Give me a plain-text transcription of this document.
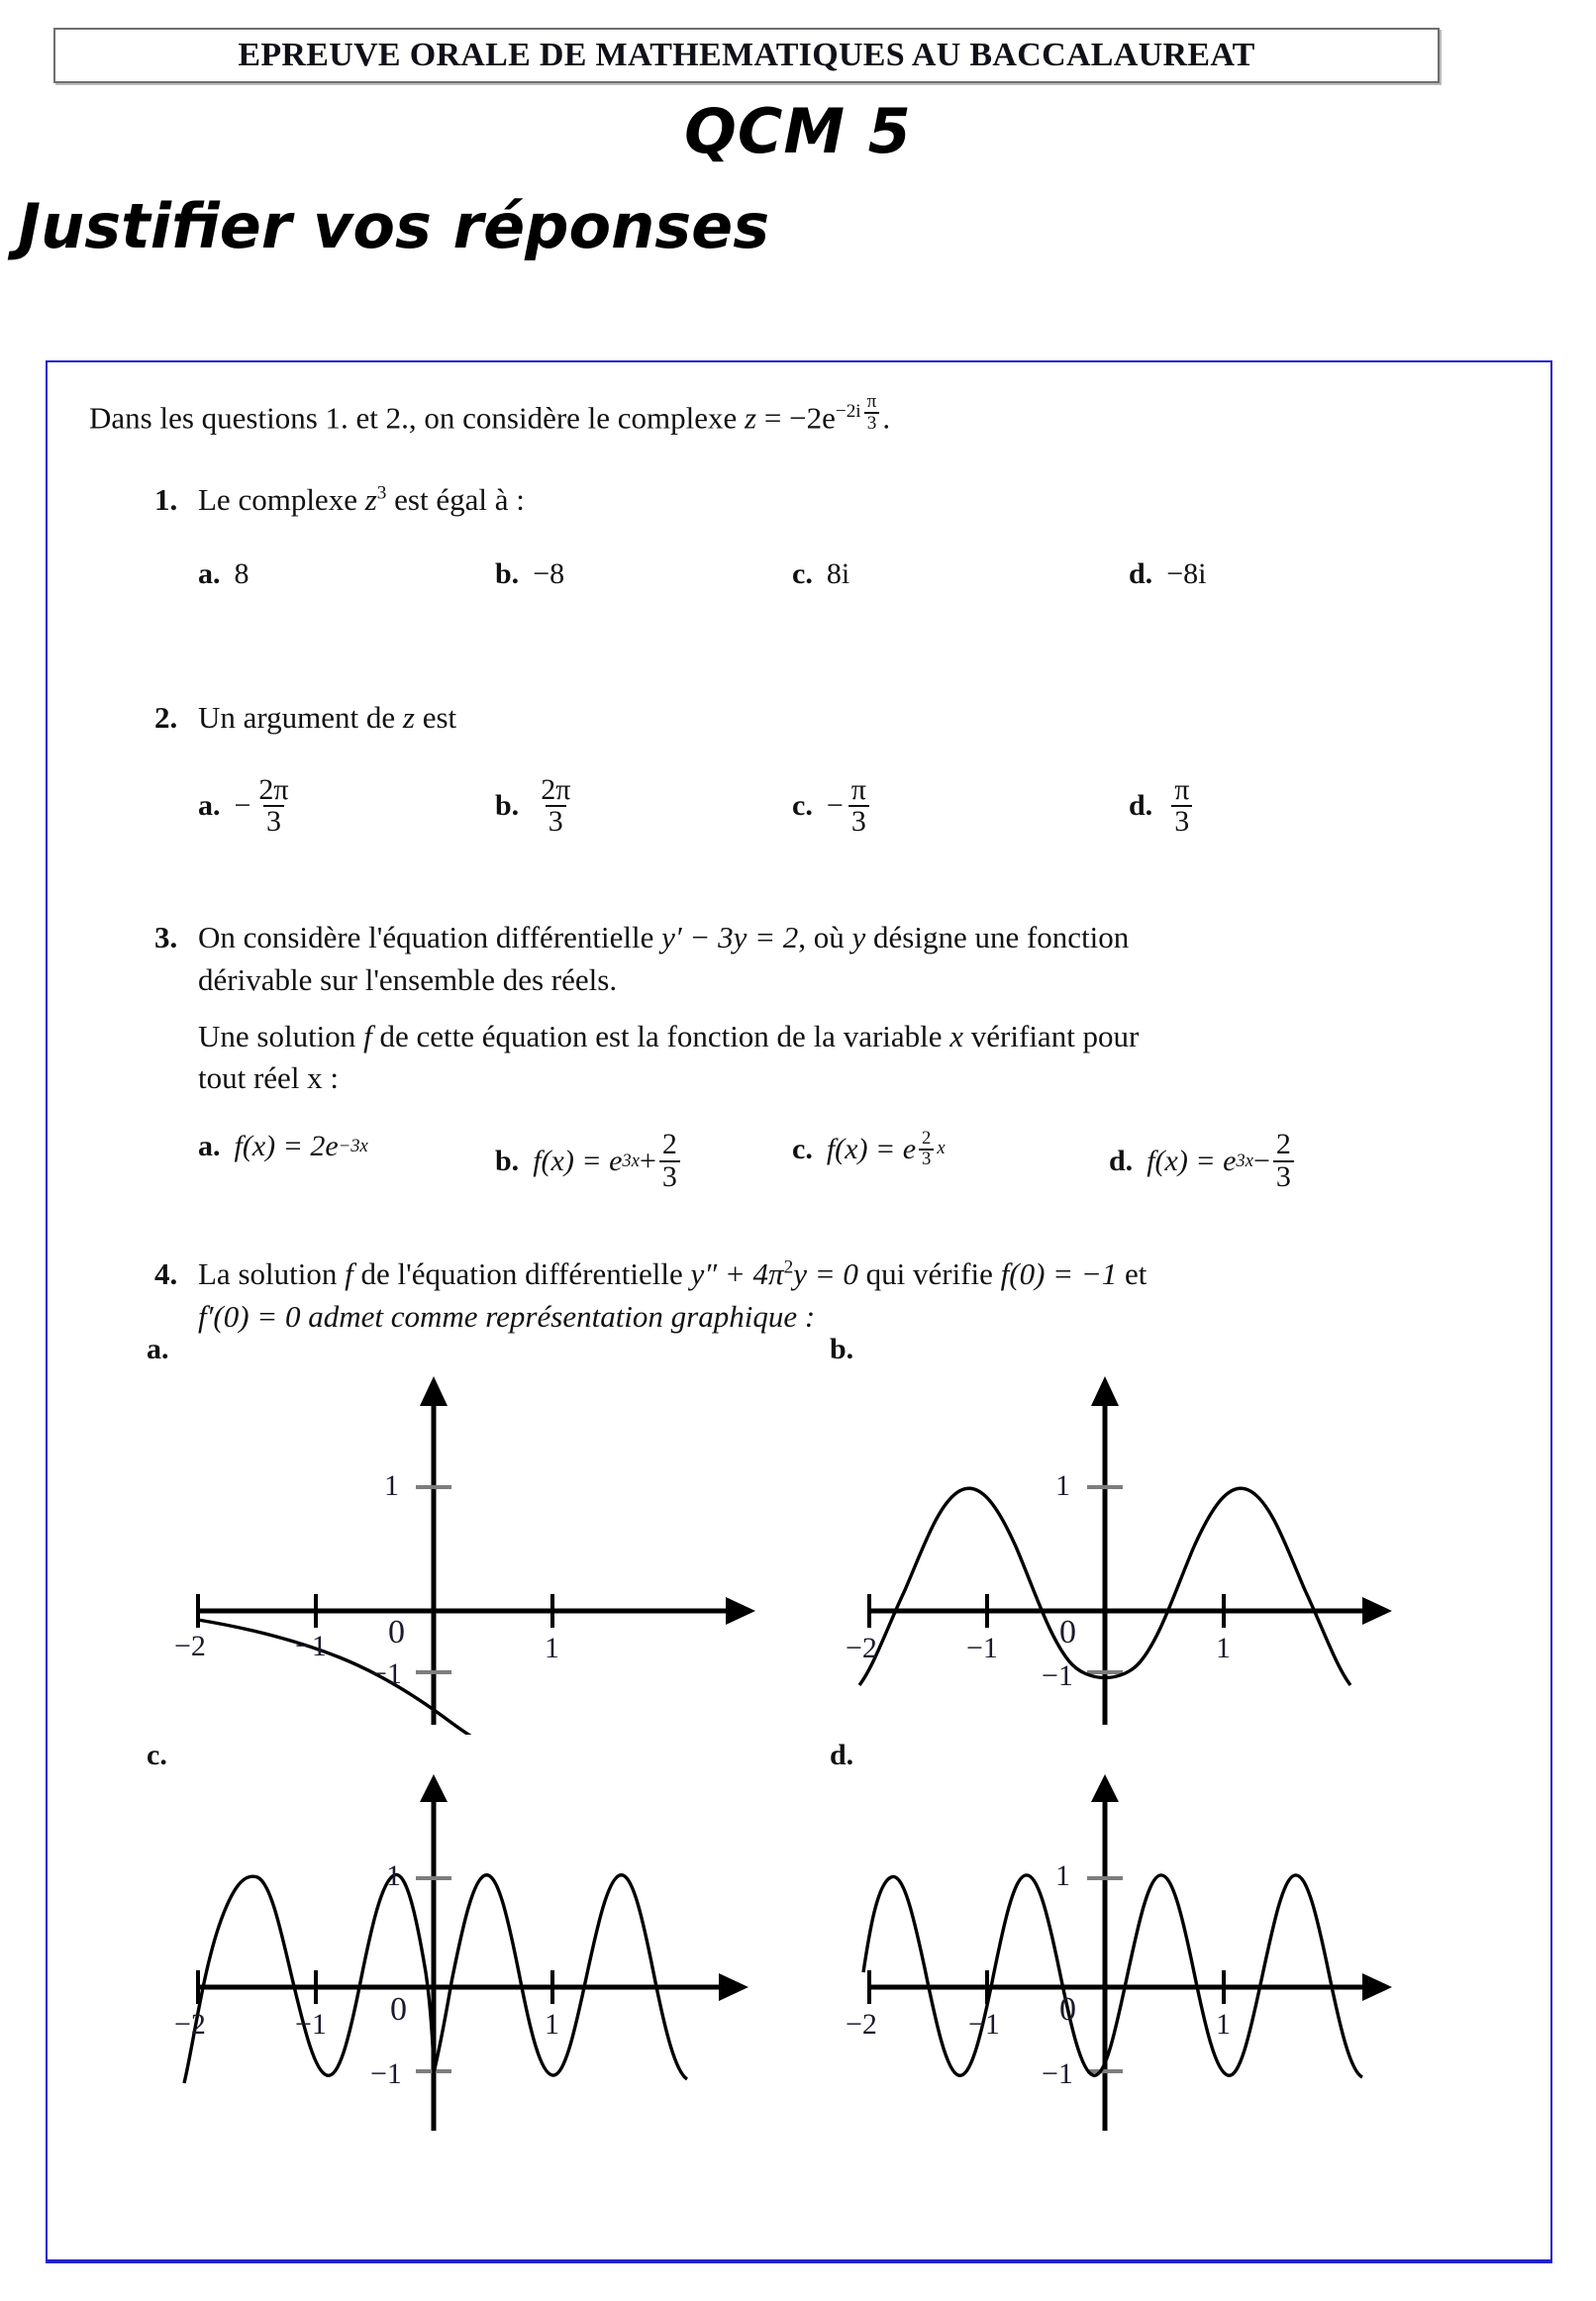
EPREUVE ORALE DE MATHEMATIQUES AU BACCALAUREAT
QCM 5
Justifier vos réponses
Dans les questions 1. et 2., on considère le complexe $z = -2e^{-2i \frac{\pi}{3}}$ .
1. Le complexe $z^3$ est égal à :
a. 8	b. −8	c. 8i	d. −8i
2. Un argument de z est
a. − $\frac{2\pi}{3}$	b. $\frac{2\pi}{3}$	c. − $\frac{\pi}{3}$	d. $\frac{\pi}{3}$
3. On considère l'équation différentielle y′ − 3y = 2, où y désigne une fonction
dérivable sur l'ensemble des réels.
Une solution f de cette équation est la fonction de la variable x vérifiant pour
tout réel x :
a. f(x) = 2e −3x	b. f(x) = e $3x + \frac{2}{3}$	c. f(x) = e $\frac{2}{3}$ x	d. f(x) = e $3x - \frac{2}{3}$
4. La solution f de l'équation différentielle $y'' + 4\pi^2y = 0$ qui vérifie f(0) = −1 et
f′(0) = 0 admet comme représentation graphique :
a.
−2	−1	1
1
−1
0
b.
−2	−1	1
1
−1
0
c.
−2	−1	1
1
−1
0
d.
−2	−1	1
1
−1
0
